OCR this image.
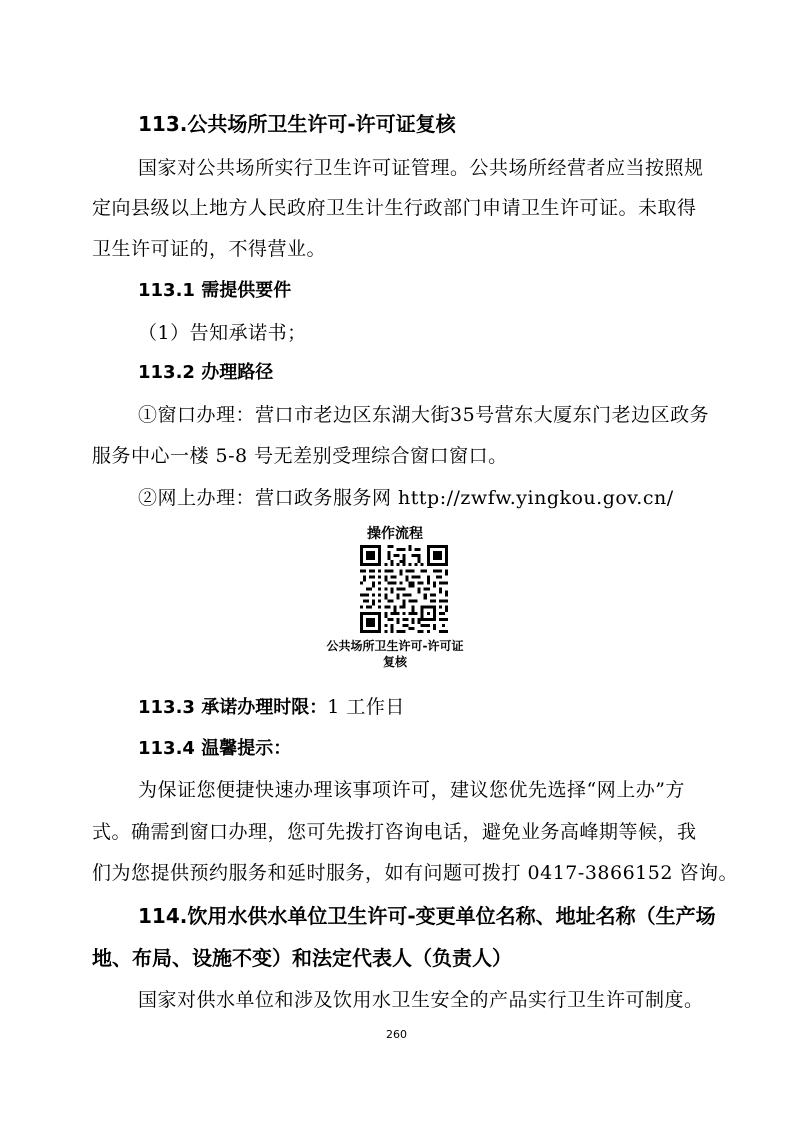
113.公共场所卫生许可-许可证复核
国家对公共场所实行卫生许可证管理。公共场所经营者应当按照规
定向县级以上地方人民政府卫生计生行政部门申请卫生许可证。未取得
卫生许可证的，不得营业。
113.1 需提供要件
（1）告知承诺书；
113.2 办理路径
①窗口办理：营口市老边区东湖大街35号营东大厦东门老边区政务
服务中心一楼 5-8 号无差别受理综合窗口窗口。
②网上办理：营口政务服务网 http://zwfw.yingkou.gov.cn/
操作流程
公共场所卫生许可-许可证复核
113.3 承诺办理时限：1 工作日
113.4 温馨提示：
为保证您便捷快速办理该事项许可，建议您优先选择“网上办”方
式。确需到窗口办理，您可先拨打咨询电话，避免业务高峰期等候，我
们为您提供预约服务和延时服务，如有问题可拨打 0417-3866152 咨询。
114.饮用水供水单位卫生许可-变更单位名称、地址名称（生产场
地、布局、设施不变）和法定代表人（负责人）
国家对供水单位和涉及饮用水卫生安全的产品实行卫生许可制度。
260
